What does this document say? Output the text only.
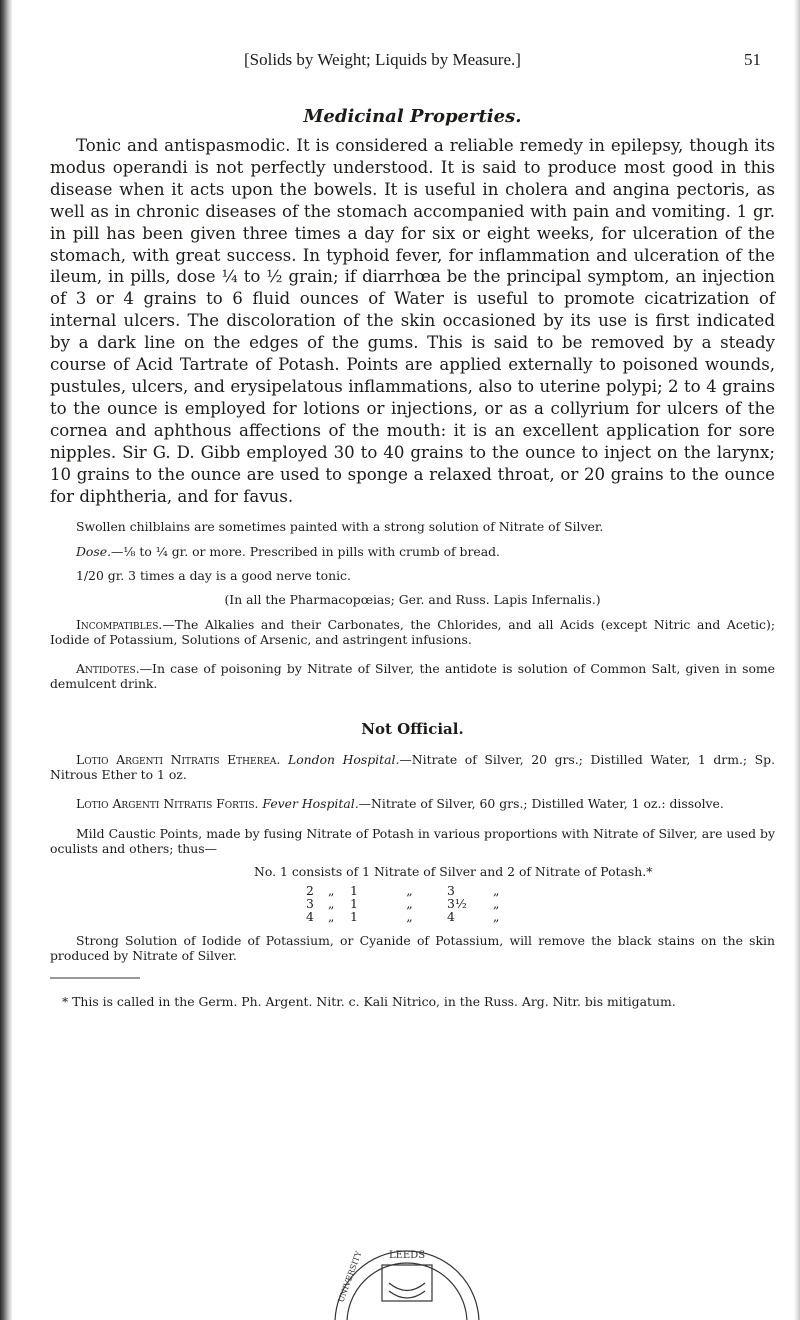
[Solids by Weight; Liquids by Measure.]	51
Medicinal Properties.

Tonic and antispasmodic. It is considered a reliable remedy in epilepsy, though its modus operandi is not perfectly understood. It is said to produce most good in this disease when it acts upon the bowels. It is useful in cholera and angina pectoris, as well as in chronic diseases of the stomach accompanied with pain and vomiting. 1 gr. in pill has been given three times a day for six or eight weeks, for ulceration of the stomach, with great success. In typhoid fever, for inflammation and ulceration of the ileum, in pills, dose ¼ to ½ grain; if diarrhœa be the principal symptom, an injection of 3 or 4 grains to 6 fluid ounces of Water is useful to promote cicatrization of internal ulcers. The discoloration of the skin occasioned by its use is first indicated by a dark line on the edges of the gums. This is said to be removed by a steady course of Acid Tartrate of Potash. Points are applied externally to poisoned wounds, pustules, ulcers, and erysipelatous inflammations, also to uterine polypi; 2 to 4 grains to the ounce is employed for lotions or injections, or as a collyrium for ulcers of the cornea and aphthous affections of the mouth: it is an excellent application for sore nipples. Sir G. D. Gibb employed 30 to 40 grains to the ounce to inject on the larynx; 10 grains to the ounce are used to sponge a relaxed throat, or 20 grains to the ounce for diphtheria, and for favus.

Swollen chilblains are sometimes painted with a strong solution of Nitrate of Silver.
Dose.—⅛ to ¼ gr. or more. Prescribed in pills with crumb of bread.
1/20 gr. 3 times a day is a good nerve tonic.
(In all the Pharmacopœias; Ger. and Russ. Lapis Infernalis.)
Incompatibles.—The Alkalies and their Carbonates, the Chlorides, and all Acids (except Nitric and Acetic); Iodide of Potassium, Solutions of Arsenic, and astringent infusions.
Antidotes.—In case of poisoning by Nitrate of Silver, the antidote is solution of Common Salt, given in some demulcent drink.
Not Official.
Lotio Argenti Nitratis Etherea. London Hospital.—Nitrate of Silver, 20 grs.; Distilled Water, 1 drm.; Sp. Nitrous Ether to 1 oz.
Lotio Argenti Nitratis Fortis. Fever Hospital.—Nitrate of Silver, 60 grs.; Distilled Water, 1 oz.: dissolve.
Mild Caustic Points, made by fusing Nitrate of Potash in various proportions with Nitrate of Silver, are used by oculists and others; thus—
No. 1 consists of 1 Nitrate of Silver and 2 of Nitrate of Potash.*
2	„	1	„	3	„
3	„	1	„	3½ „
4	„	1	„	4	„
Strong Solution of Iodide of Potassium, or Cyanide of Potassium, will remove the black stains on the skin produced by Nitrate of Silver.
* This is called in the Germ. Ph. Argent. Nitr. c. Kali Nitrico, in the Russ. Arg. Nitr. bis mitigatum.
LEEDS
UNIVERSITY
